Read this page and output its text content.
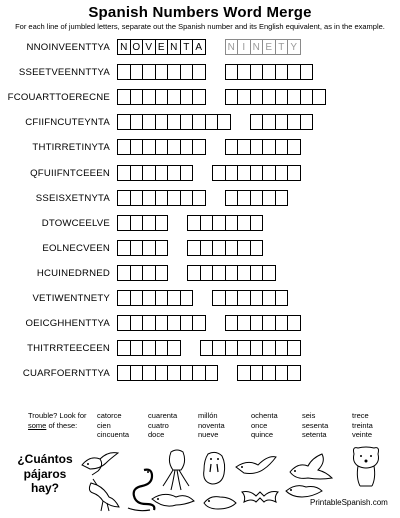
Spanish Numbers Word Merge
For each line of jumbled letters, separate out the Spanish number and its English equivalent, as in the example.
NNOINVEENTTYA	N O V E N T A	N I N E T Y
SSEETVEENNTTYA
FCOUARTTOERECNE
CFIIFNCUTEYNTA
THTIRRETINYTA
QFUIIFNTCEEEN
SSEISXETNYTA
DTOWCEELVE
EOLNECVEEN
HCUINEDRNED
VETIWENTNETY
OEICGHHENTTYA
THITRRTEECEEN
CUARFOERNTTYA
Trouble? Look for
some of these:
catorce
cien
cincuenta
cuarenta
cuatro
doce
millón
noventa
nueve
ochenta
once
quince
seis
sesenta
setenta
trece
treinta
veinte
¿Cuántos
pájaros
hay?
PrintableSpanish.com
